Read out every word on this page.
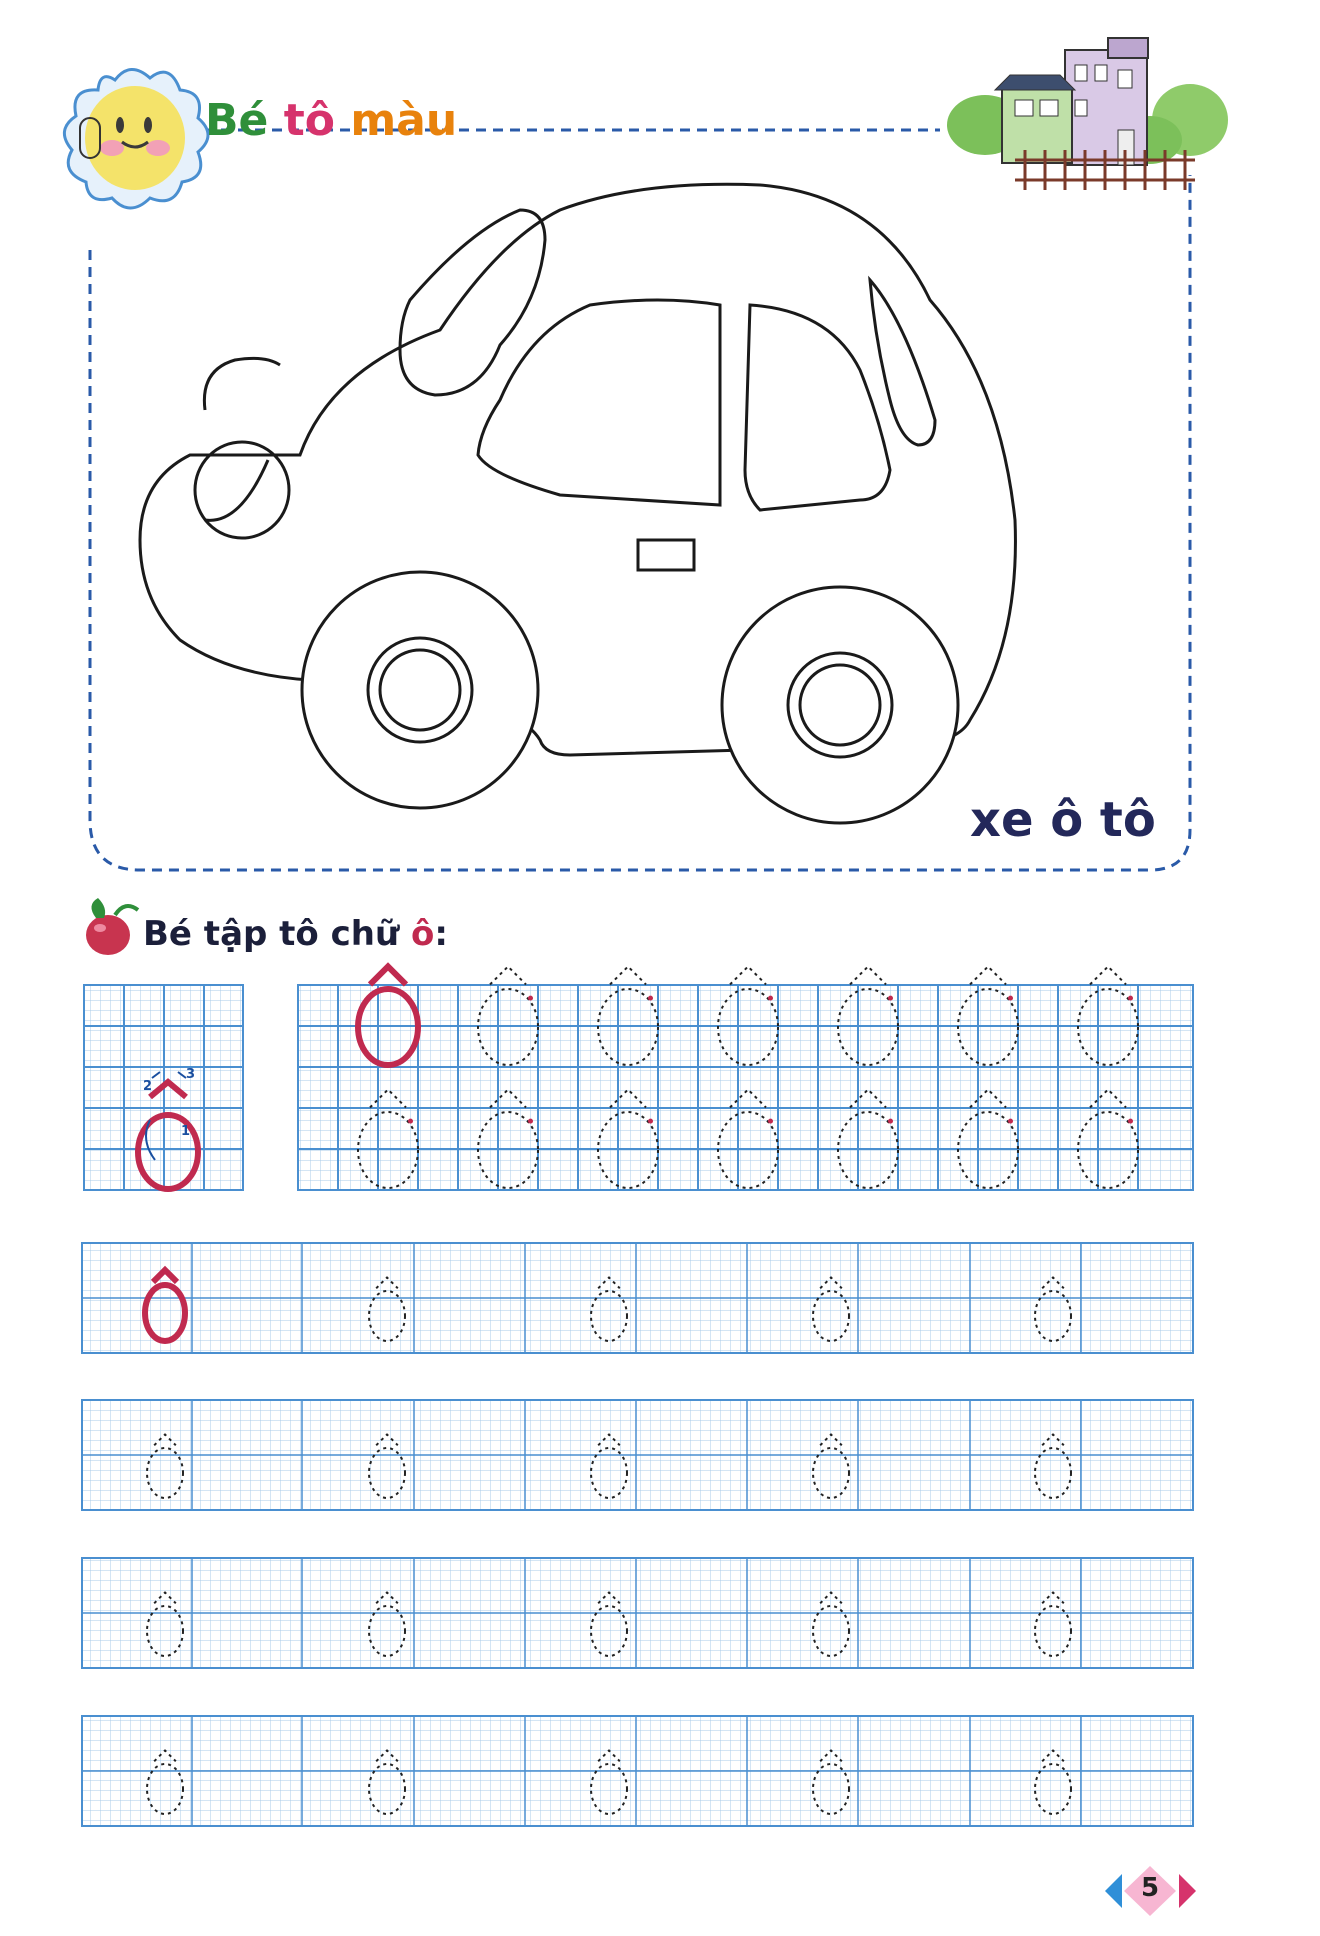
1
2
3
Bé tô màu
xe ô tô
Bé tập tô chữ ô:
5
